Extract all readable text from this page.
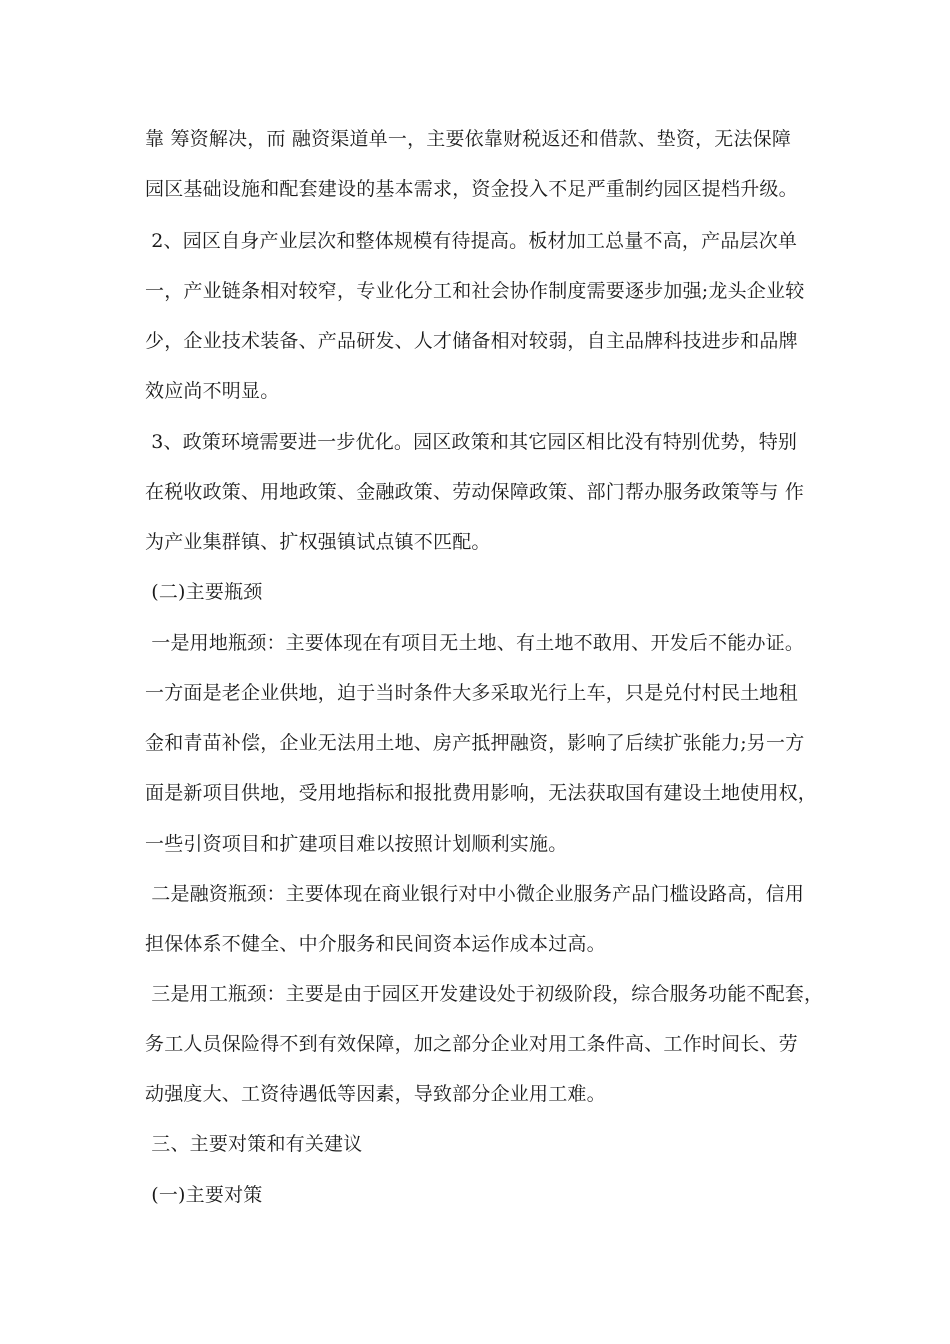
靠 筹资解决，而 融资渠道单一，主要依靠财税返还和借款、垫资，无法保障
园区基础设施和配套建设的基本需求，资金投入不足严重制约园区提档升级。
2、园区自身产业层次和整体规模有待提高。板材加工总量不高，产品层次单
一，产业链条相对较窄，专业化分工和社会协作制度需要逐步加强;龙头企业较
少，企业技术装备、产品研发、人才储备相对较弱，自主品牌科技进步和品牌
效应尚不明显。
3、政策环境需要进一步优化。园区政策和其它园区相比没有特别优势，特别
在税收政策、用地政策、金融政策、劳动保障政策、部门帮办服务政策等与 作
为产业集群镇、扩权强镇试点镇不匹配。
(二)主要瓶颈
一是用地瓶颈：主要体现在有项目无土地、有土地不敢用、开发后不能办证。
一方面是老企业供地，迫于当时条件大多采取光行上车，只是兑付村民土地租
金和青苗补偿，企业无法用土地、房产抵押融资，影响了后续扩张能力;另一方
面是新项目供地，受用地指标和报批费用影响，无法获取国有建设土地使用权，
一些引资项目和扩建项目难以按照计划顺利实施。
二是融资瓶颈：主要体现在商业银行对中小微企业服务产品门槛设路高，信用
担保体系不健全、中介服务和民间资本运作成本过高。
三是用工瓶颈：主要是由于园区开发建设处于初级阶段，综合服务功能不配套，
务工人员保险得不到有效保障，加之部分企业对用工条件高、工作时间长、劳
动强度大、工资待遇低等因素，导致部分企业用工难。
三、主要对策和有关建议
(一)主要对策
